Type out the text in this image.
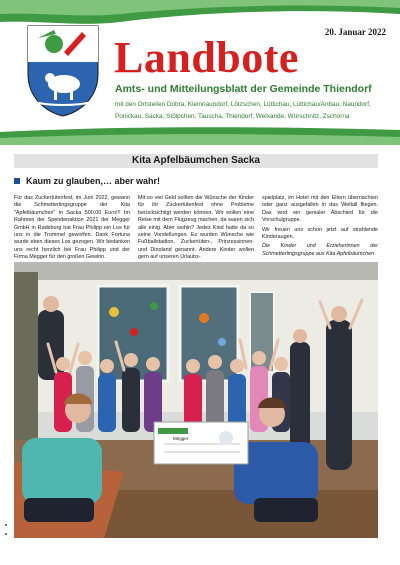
20. Januar 2022
Landbote
Amts- und Mitteilungsblatt der Gemeinde Thiendorf
mit den Ortsteilen Dobra, Kleinnaundorf, Lötzschen, Lüttichau, Lüttichau/Anbau, Naundorf, Ponickau, Sacka, Stölpchen, Tauscha, Thiendorf, Welxande, Würschnitz, Zschorna
Kita Apfelbäumchen Sacka
Kaum zu glauben,… aber wahr!

Für das Zuckertütenfest, im Juni 2022, gewann die Schmetterlingsgruppe der Kita "Apfelbäumchen" in Sacka 500,00 Euro!!! Im Rahmen der Spendenaktion 2021 der Megger GmbH in Radeburg hat Frau Philipp ein Los für uns in die Trommel geworfen. Dank Fortuna wurde eben dieses Los gezogen. Wir bedanken uns recht herzlich bei Frau Philipp und der Firma Megger für den großen Gewinn.

Mit so viel Geld sollten die Wünsche der Kinder für ihr Zuckertütenfest ohne Probleme berücksichtigt werden können. Wir wollen eine Reise mit dem Flugzeug machen, da waren sich alle einig. Aber wohin? Jedes Kind hatte da so seine Vorstellungen. Es wurden Wünsche wie Fußballstadion, Zuckertüten-, Prinzessinnen- und Dinoland genannt. Andere Kinder wollen gern auf unseren Urlaubs-

spielplatz, im Hotel mit den Eltern übernachten oder ganz ausgefallen in das Weltall fliegen. Das wird ein genialer Abschied für die Vorschulgruppe.

Wir freuen uns schon jetzt auf strahlende Kinderaugen.

Die Kinder und Erzieherinnen der Schmetterlingsgruppe aus Kita Apfelbäumchen

Megger
